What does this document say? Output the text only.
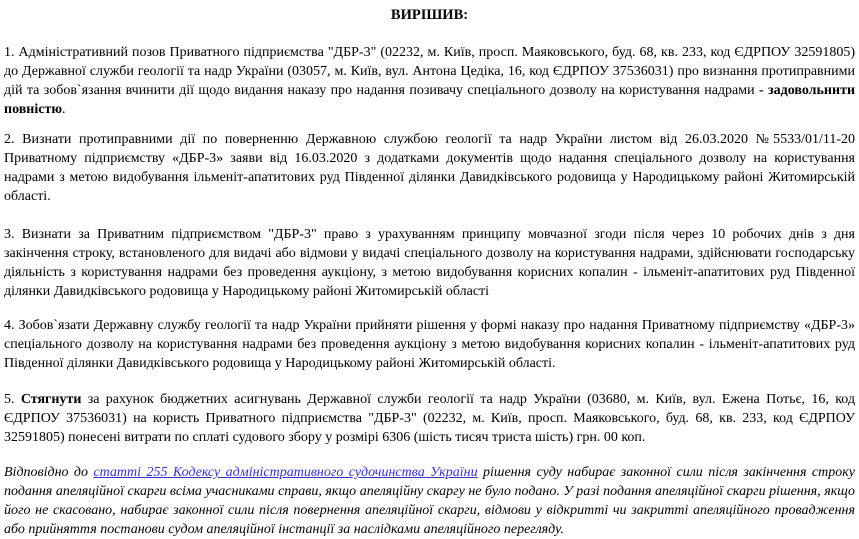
ВИРІШИВ:

1. Адміністративний позов Приватного підприємства "ДБР-3" (02232, м. Київ, просп. Маяковського, буд. 68, кв. 233, код ЄДРПОУ 32591805) до Державної служби геології та надр України (03057, м. Київ, вул. Антона Цедіка, 16, код ЄДРПОУ 37536031) про визнання протиправними дій та зобов`язання вчинити дії щодо видання наказу про надання позивачу спеціального дозволу на користування надрами - задовольнити повністю.

2. Визнати протиправними дії по поверненню Державною службою геології та надр України листом від 26.03.2020 №5533/01/11-20 Приватному підприємству «ДБР-3» заяви від 16.03.2020 з додатками документів щодо надання спеціального дозволу на користування надрами з метою видобування ільменіт-апатитових руд Південної ділянки Давидківського родовища у Народицькому районі Житомирській області.

3. Визнати за Приватним підприємством "ДБР-3" право з урахуванням принципу мовчазної згоди після через 10 робочих днів з дня закінчення строку, встановленого для видачі або відмови у видачі спеціального дозволу на користування надрами, здійснювати господарську діяльність з користування надрами без проведення аукціону, з метою видобування корисних копалин - ільменіт-апатитових руд Південної ділянки Давидківського родовища у Народицькому районі Житомирській області

4. Зобов`язати Державну службу геології та надр України прийняти рішення у формі наказу про надання Приватному підприємству «ДБР-3» спеціального дозволу на користування надрами без проведення аукціону з метою видобування корисних копалин - ільменіт-апатитових руд Південної ділянки Давидківського родовища у Народицькому районі Житомирській області.

5. Стягнути за рахунок бюджетних асигнувань Державної служби геології та надр України (03680, м. Київ, вул. Ежена Потьє, 16, код ЄДРПОУ 37536031) на користь Приватного підприємства "ДБР-3" (02232, м. Київ, просп. Маяковського, буд. 68, кв. 233, код ЄДРПОУ 32591805) понесені витрати по сплаті судового збору у розмірі 6306 (шість тисяч триста шість) грн. 00 коп.

Відповідно до статті 255 Кодексу адміністративного судочинства України рішення суду набирає законної сили після закінчення строку подання апеляційної скарги всіма учасниками справи, якщо апеляційну скаргу не було подано. У разі подання апеляційної скарги рішення, якщо його не скасовано, набирає законної сили після повернення апеляційної скарги, відмови у відкритті чи закритті апеляційного провадження або прийняття постанови судом апеляційної інстанції за наслідками апеляційного перегляду.
